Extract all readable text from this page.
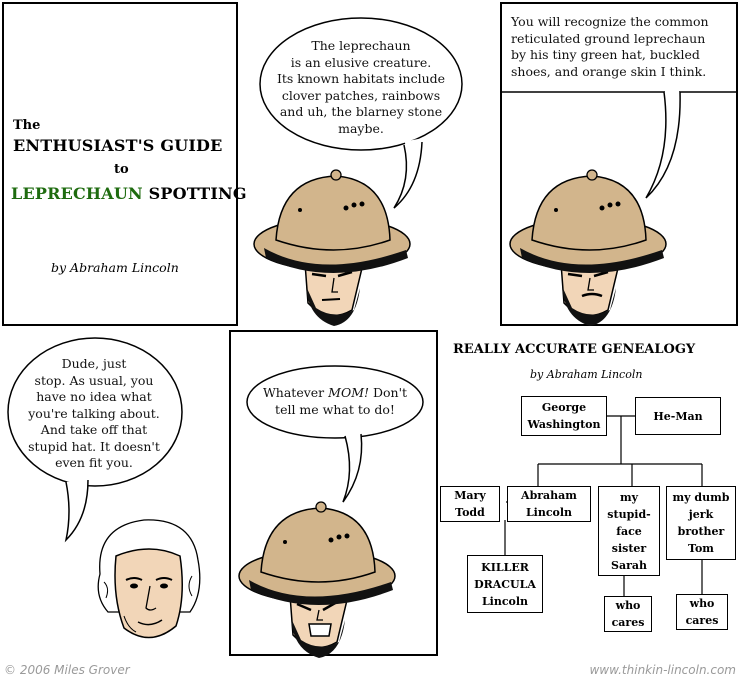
The
ENTHUSIAST'S GUIDE
to
LEPRECHAUN SPOTTING
by Abraham Lincoln
The leprechaun
is an elusive creature.
Its known habitats include
clover patches, rainbows
and uh, the blarney stone
maybe.
You will recognize the common
reticulated ground leprechaun
by his tiny green hat, buckled
shoes, and orange skin I think.
Dude, just
stop. As usual, you
have no idea what
you're talking about.
And take off that
stupid hat. It doesn't
even fit you.
Whatever MOM! Don't
tell me what to do!
REALLY ACCURATE GENEALOGY
by Abraham Lincoln
George
Washington
He-Man
Mary
Todd
Abraham
Lincoln
my
stupid-
face
sister
Sarah
my dumb
jerk
brother
Tom
KILLER
DRACULA
Lincoln	who
cares
who
cares
© 2006 Miles Grover	www.thinkin-lincoln.com
